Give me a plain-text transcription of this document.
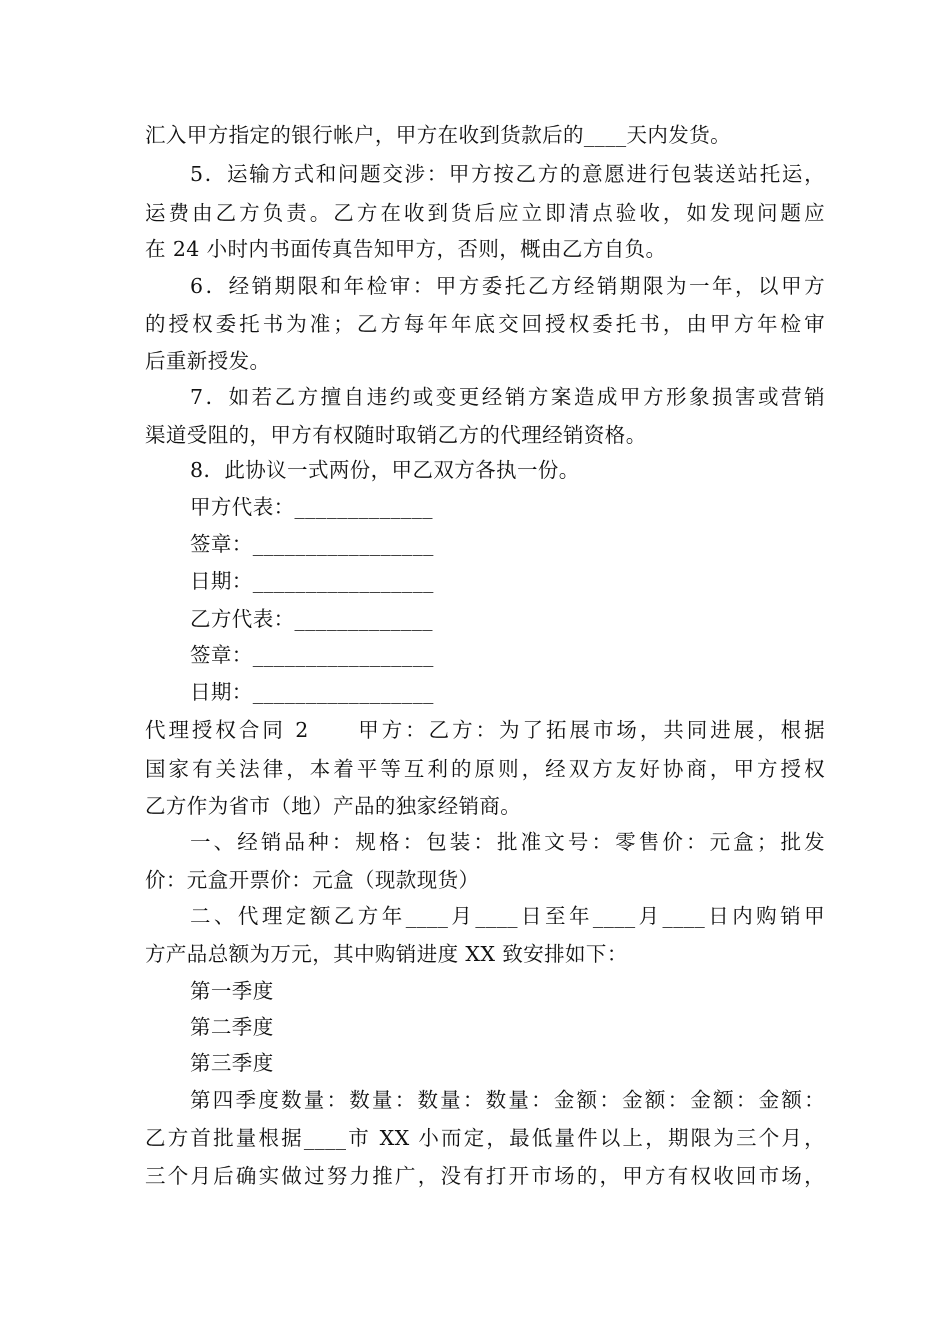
汇入甲方指定的银行帐户，甲方在收到货款后的____天内发货。
5．运输方式和问题交涉：甲方按乙方的意愿进行包装送站托运，
运费由乙方负责。乙方在收到货后应立即清点验收，如发现问题应
在 24 小时内书面传真告知甲方，否则，概由乙方自负。
6．经销期限和年检审：甲方委托乙方经销期限为一年，以甲方
的授权委托书为准；乙方每年年底交回授权委托书，由甲方年检审
后重新授发。
7．如若乙方擅自违约或变更经销方案造成甲方形象损害或营销
渠道受阻的，甲方有权随时取销乙方的代理经销资格。
8．此协议一式两份，甲乙双方各执一份。
甲方代表：_____________
签章：_________________
日期：_________________
乙方代表：_____________
签章：_________________
日期：_________________
代理授权合同 2　　甲方：乙方：为了拓展市场，共同进展，根据
国家有关法律，本着平等互利的原则，经双方友好协商，甲方授权
乙方作为省市（地）产品的独家经销商。
一、经销品种：规格：包装：批准文号：零售价：元盒；批发
价：元盒开票价：元盒（现款现货）
二、代理定额乙方年____月____日至年____月____日内购销甲
方产品总额为万元，其中购销进度 XX 致安排如下：
第一季度
第二季度
第三季度
第四季度数量：数量：数量：数量：金额：金额：金额：金额：
乙方首批量根据____市 XX 小而定，最低量件以上，期限为三个月，
三个月后确实做过努力推广，没有打开市场的，甲方有权收回市场，
